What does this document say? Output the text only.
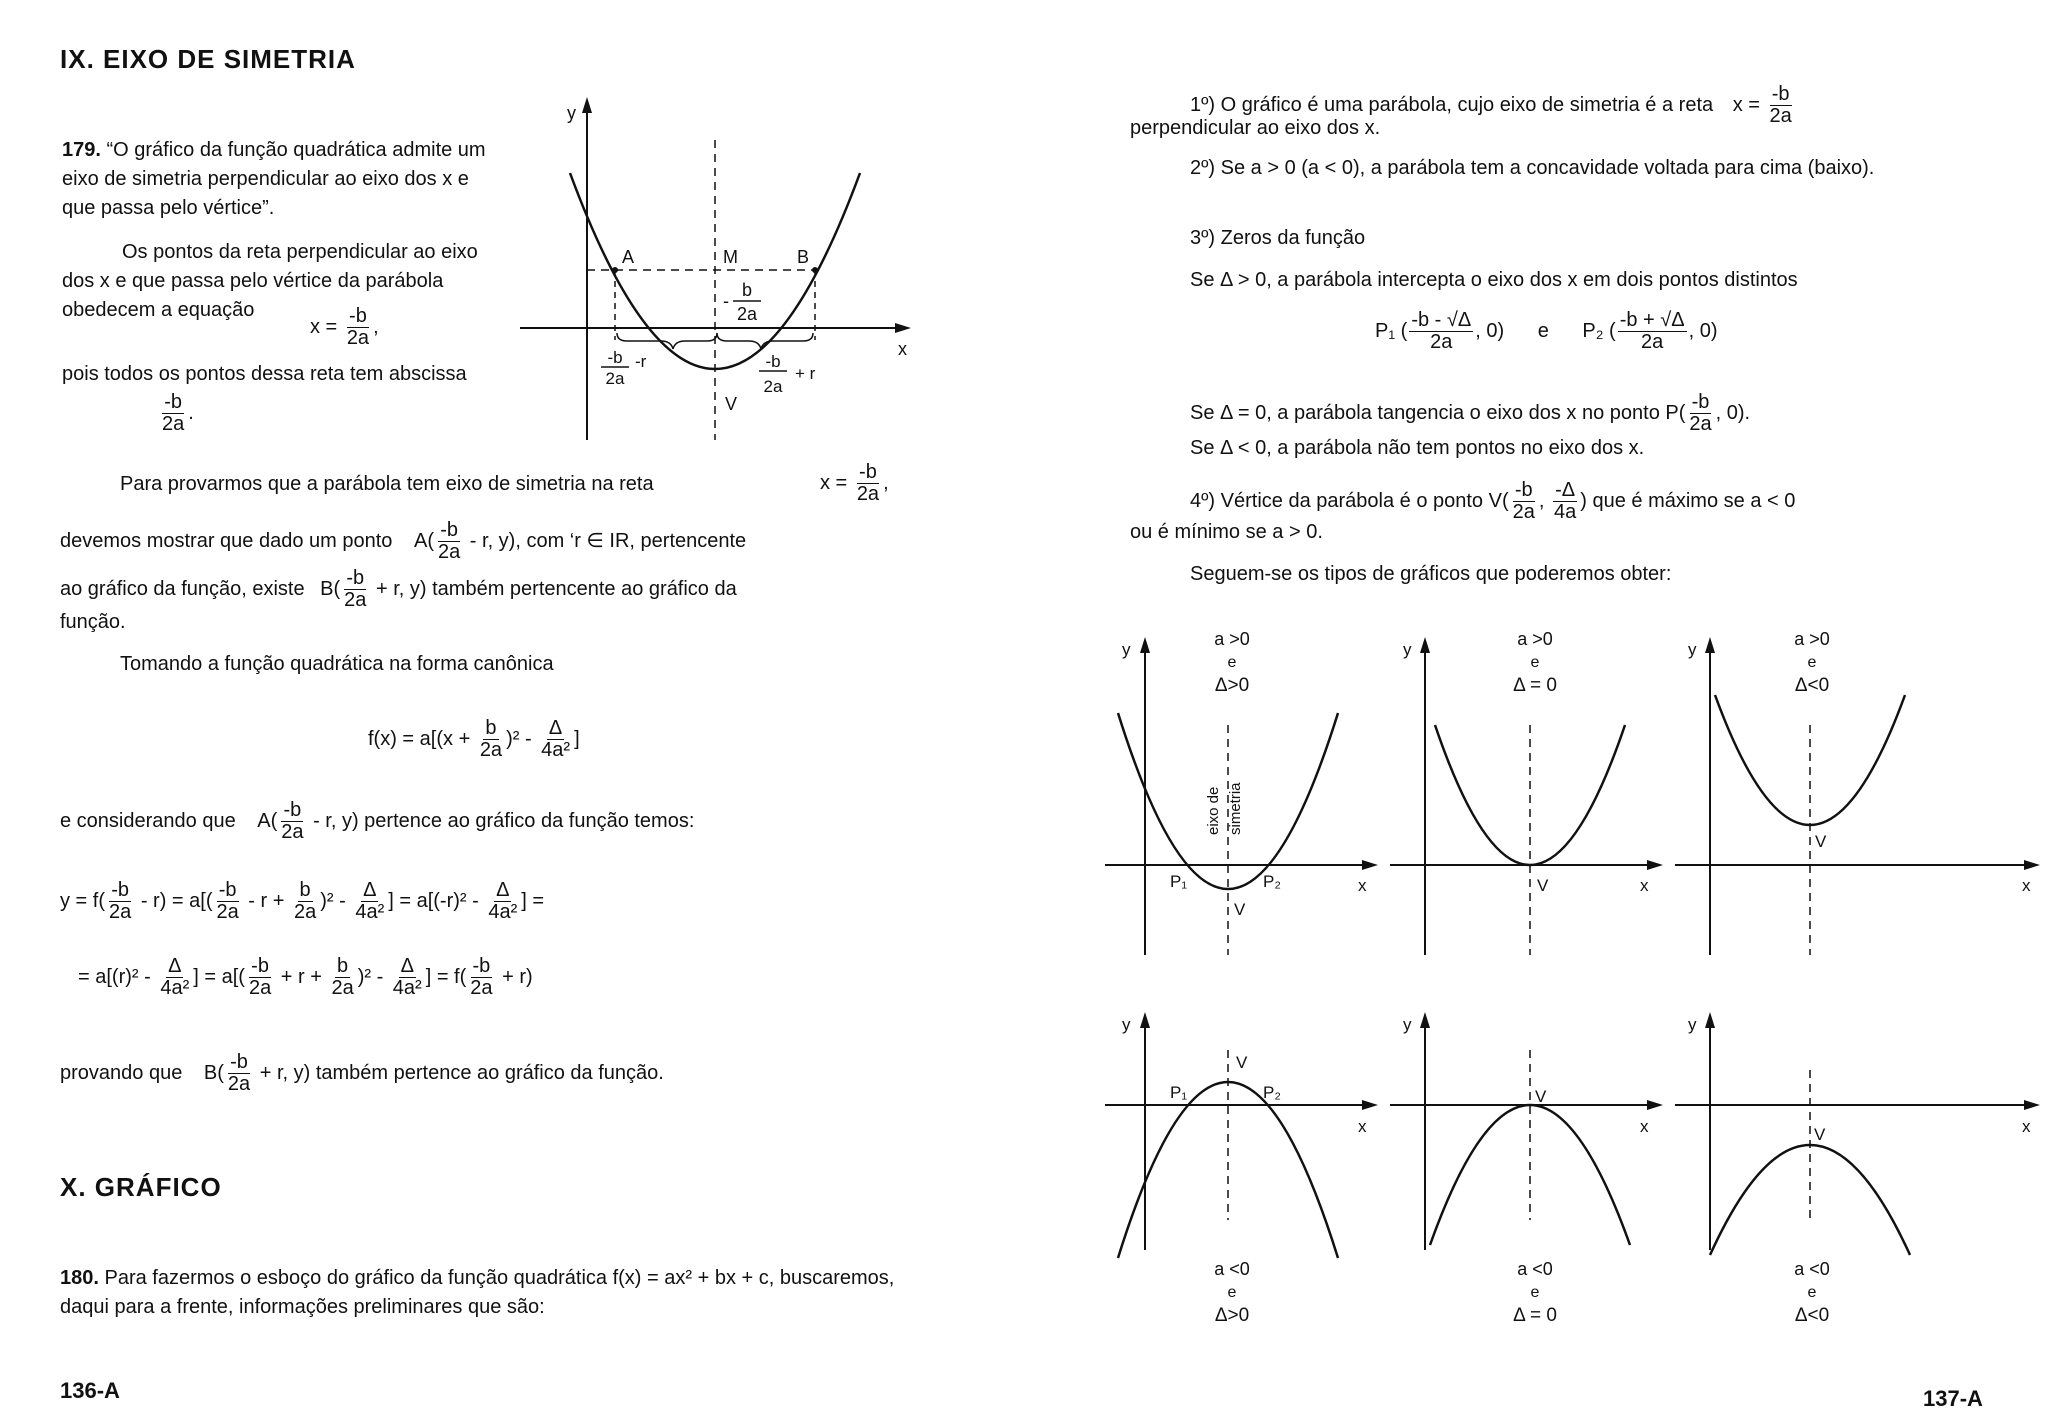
IX. EIXO DE SIMETRIA
179. “O gráfico da função quadrática admite um eixo de simetria perpendicular ao eixo dos x e que passa pelo vértice”.
Os pontos da reta perpendicular ao eixo dos x e que passa pelo vértice da parábola obedecem a equação
$x = \frac{-b}{2a}$ ,
pois todos os pontos dessa reta tem abscissa
$\frac{-b}{2a}$ .
y
x
A	M	B
V
-
b
2a
-b
2a
-r	-b
2a
+ r
Para provarmos que a parábola tem eixo de simetria na reta	$x = \frac{-b}{2a}$ ,
devemos mostrar que dado um ponto $A( \frac{-b}{2a}$ - r, y), com ‘r ∈ IR, pertencente
ao gráfico da função, existe $B( \frac{-b}{2a} + r$, y) também pertencente ao gráfico da
função.
Tomando a função quadrática na forma canônica
$f(x) = a[(x + \frac{b}{2a} )^2 - \frac{\Delta}{\text{4a²}}$ ]
e considerando que $A( \frac{-b}{2a}$ - r, y) pertence ao gráfico da função temos:
$y = f( \frac{-b}{2a} - r) = a[( \frac{-b}{2a} - r + \frac{b}{2a} )^2 - \frac{\Delta}{\text{4a²}}$ ] = $a[(-r)^2 - \frac{\Delta}{\text{4a²}}$ ] =
= $a[(r)^2 - \frac{\Delta}{\text{4a²}}$ ] = $a[( \frac{-b}{2a} + r + \frac{b}{2a} )^2 - \frac{\Delta}{\text{4a²}}$ ] = $f( \frac{-b}{2a} + r)$
provando que $B( \frac{-b}{2a} + r$, y) também pertence ao gráfico da função.
X. GRÁFICO
180. Para fazermos o esboço do gráfico da função quadrática f(x) = ax² + bx + c, buscaremos, daqui para a frente, informações preliminares que são:
136-A
1º) O gráfico é uma parábola, cujo eixo de simetria é a reta $x = \frac{-b}{2a}$
perpendicular ao eixo dos x.
2º) Se a > 0 (a < 0), a parábola tem a concavidade voltada para cima (baixo).
3º) Zeros da função
Se Δ > 0, a parábola intercepta o eixo dos x em dois pontos distintos
P₁ ( $\frac{-b - √\Delta}{2a}$ , 0) e P₂ ( $\frac{-b + √\Delta}{2a}$ , 0)
Se Δ = 0, a parábola tangencia o eixo dos x no ponto $P( \frac{-b}{2a}$ , 0).
Se Δ < 0, a parábola não tem pontos no eixo dos x.
4º) Vértice da parábola é o ponto $V( \frac{-b}{2a}$ , $\frac{-\Delta}{4a}$ ) que é máximo se a < 0
ou é mínimo se a > 0.
Seguem-se os tipos de gráficos que poderemos obter:
y
x
a >0
e
Δ>0
eixo de simetria
P₁	P₂
V
y
x
a >0
e
Δ = 0
V
y
x
a >0
e
Δ<0
V
y
x
V
P₁	P₂
a <0
e
Δ>0
y
x
V
a <0
e
Δ = 0
y
x
V
a <0
e
Δ<0
137-A
